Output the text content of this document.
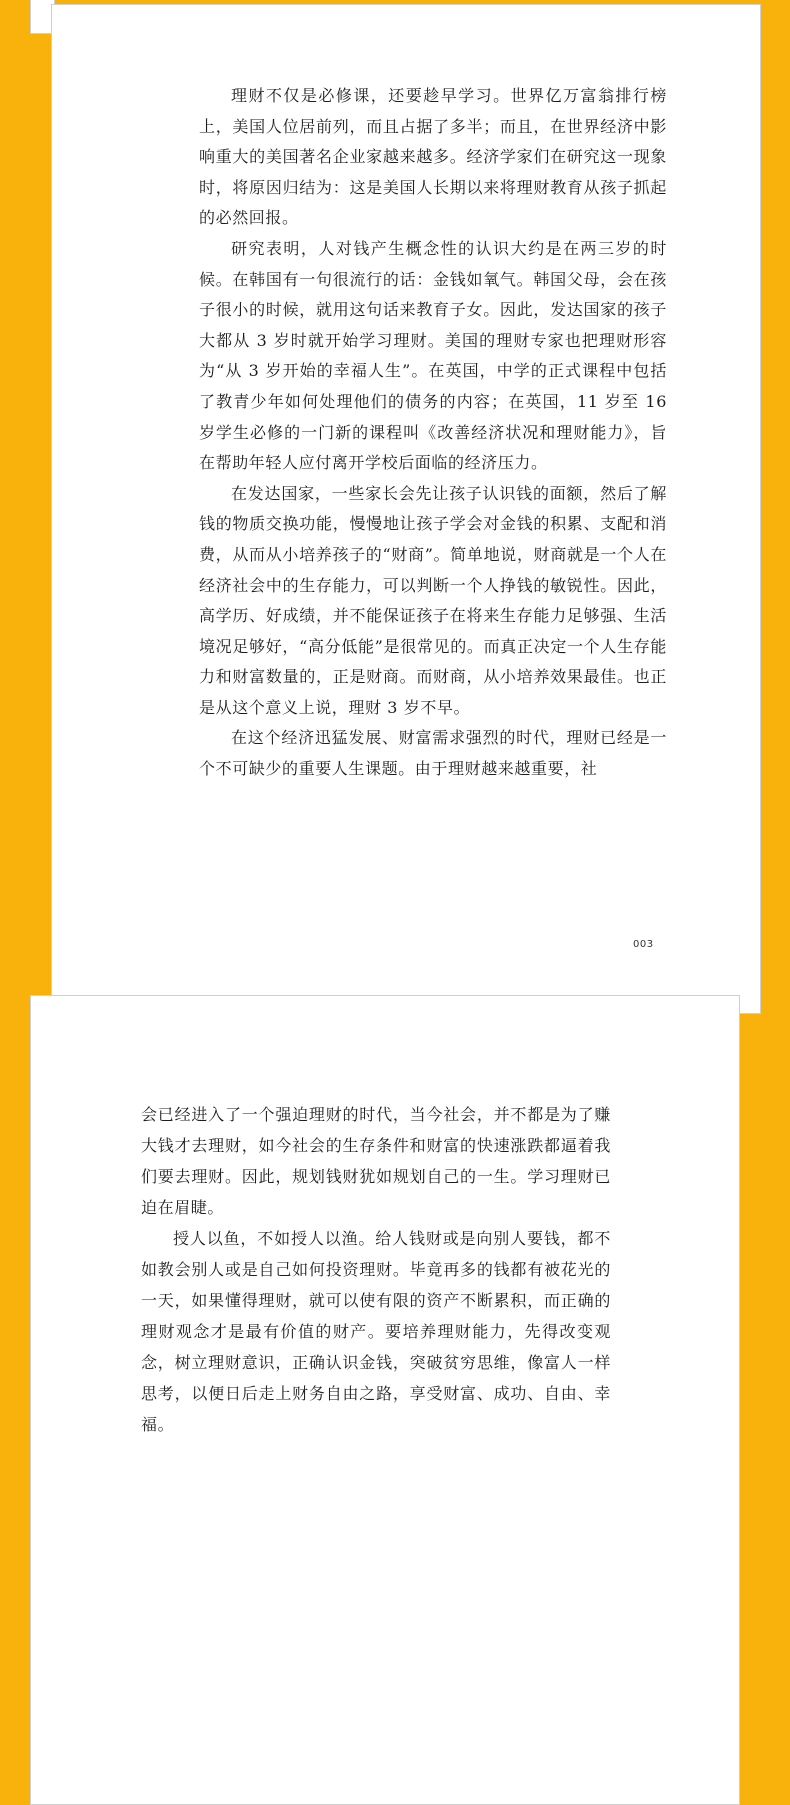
理财不仅是必修课，还要趁早学习。世界亿万富翁排行榜上，美国人位居前列，而且占据了多半；而且，在世界经济中影响重大的美国著名企业家越来越多。经济学家们在研究这一现象时，将原因归结为：这是美国人长期以来将理财教育从孩子抓起的必然回报。

研究表明，人对钱产生概念性的认识大约是在两三岁的时候。在韩国有一句很流行的话：金钱如氧气。韩国父母，会在孩子很小的时候，就用这句话来教育子女。因此，发达国家的孩子大都从 3 岁时就开始学习理财。美国的理财专家也把理财形容为“从 3 岁开始的幸福人生”。在英国，中学的正式课程中包括了教青少年如何处理他们的债务的内容；在英国，11 岁至 16 岁学生必修的一门新的课程叫《改善经济状况和理财能力》，旨在帮助年轻人应付离开学校后面临的经济压力。

在发达国家，一些家长会先让孩子认识钱的面额，然后了解钱的物质交换功能，慢慢地让孩子学会对金钱的积累、支配和消费，从而从小培养孩子的“财商”。简单地说，财商就是一个人在经济社会中的生存能力，可以判断一个人挣钱的敏锐性。因此，高学历、好成绩，并不能保证孩子在将来生存能力足够强、生活境况足够好，“高分低能”是很常见的。而真正决定一个人生存能力和财富数量的，正是财商。而财商，从小培养效果最佳。也正是从这个意义上说，理财 3 岁不早。

在这个经济迅猛发展、财富需求强烈的时代，理财已经是一个不可缺少的重要人生课题。由于理财越来越重要，社

003

会已经进入了一个强迫理财的时代，当今社会，并不都是为了赚大钱才去理财，如今社会的生存条件和财富的快速涨跌都逼着我们要去理财。因此，规划钱财犹如规划自己的一生。学习理财已迫在眉睫。

授人以鱼，不如授人以渔。给人钱财或是向别人要钱，都不如教会别人或是自己如何投资理财。毕竟再多的钱都有被花光的一天，如果懂得理财，就可以使有限的资产不断累积，而正确的理财观念才是最有价值的财产。要培养理财能力，先得改变观念，树立理财意识，正确认识金钱，突破贫穷思维，像富人一样思考，以便日后走上财务自由之路，享受财富、成功、自由、幸福。
